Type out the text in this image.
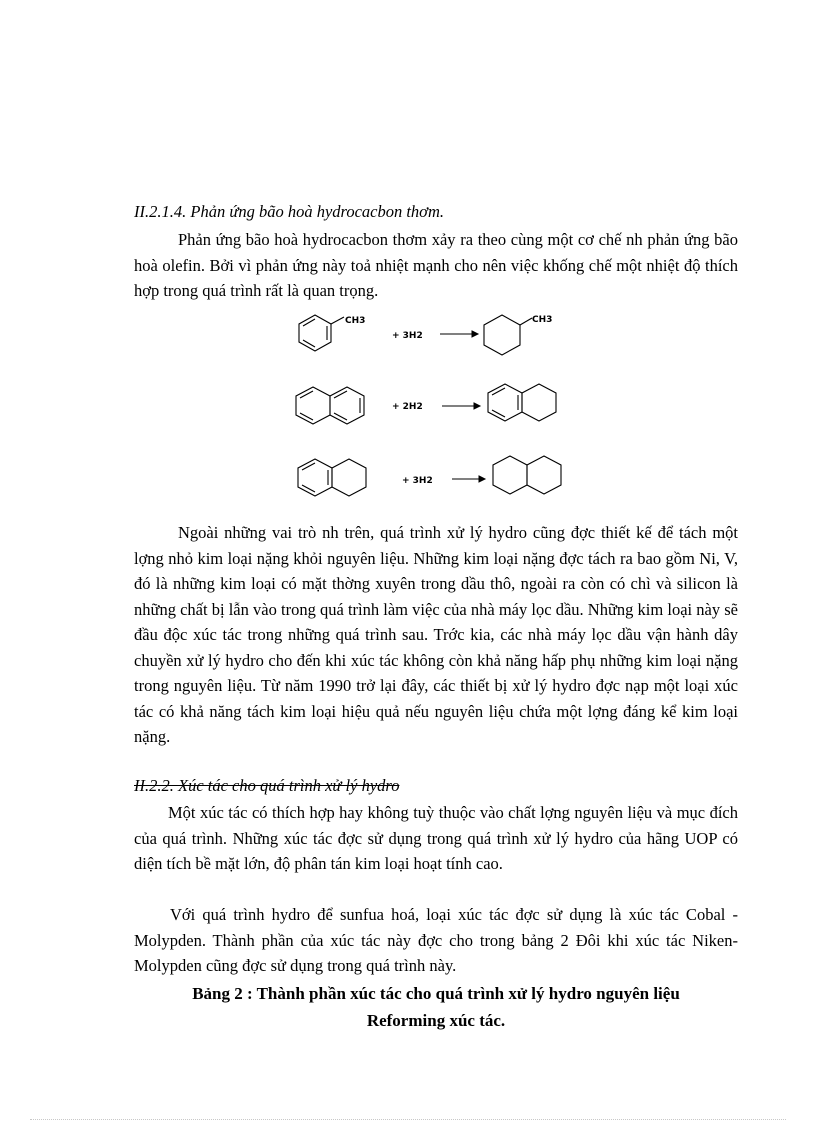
II.2.1.4. Phản ứng bão hoà hydrocacbon thơm.
Phản ứng bão hoà hydrocacbon thơm xảy ra theo cùng một cơ chế nh phản ứng bão hoà olefin. Bởi vì phản ứng này toả nhiệt mạnh cho nên việc khống chế một nhiệt độ thích hợp trong quá trình rất là quan trọng.
CH3
+ 3H2
CH3
+ 2H2
+ 3H2
Ngoài những vai trò nh trên, quá trình xử lý hydro cũng đợc thiết kế để tách một lợng nhỏ kim loại nặng khỏi nguyên liệu. Những kim loại nặng đợc tách ra bao gồm Ni, V, đó là những kim loại có mặt thờng xuyên trong dầu thô, ngoài ra còn có chì và silicon là những chất bị lẫn vào trong quá trình làm việc của nhà máy lọc dầu. Những kim loại này sẽ đầu độc xúc tác trong những quá trình sau. Trớc kia, các nhà máy lọc dầu vận hành dây chuyền xử lý hydro cho đến khi xúc tác không còn khả năng hấp phụ những kim loại nặng trong nguyên liệu. Từ năm 1990 trở lại đây, các thiết bị xử lý hydro đợc nạp một loại xúc tác có khả năng tách kim loại hiệu quả nếu nguyên liệu chứa một lợng đáng kể kim loại nặng.
II.2.2. Xúc tác cho quá trình xử lý hydro
Một xúc tác có thích hợp hay không tuỳ thuộc vào chất lợng nguyên liệu và mục đích của quá trình. Những xúc tác đợc sử dụng trong quá trình xử lý hydro của hãng UOP có diện tích bề mặt lớn, độ phân tán kim loại hoạt tính cao.
Với quá trình hydro để sunfua hoá, loại xúc tác đợc sử dụng là xúc tác Cobal - Molypden. Thành phần của xúc tác này đợc cho trong bảng 2 Đôi khi xúc tác Niken-Molypden cũng đợc sử dụng trong quá trình này.
Bảng 2 : Thành phần xúc tác cho quá trình xử lý hydro nguyên liệu
Reforming xúc tác.
